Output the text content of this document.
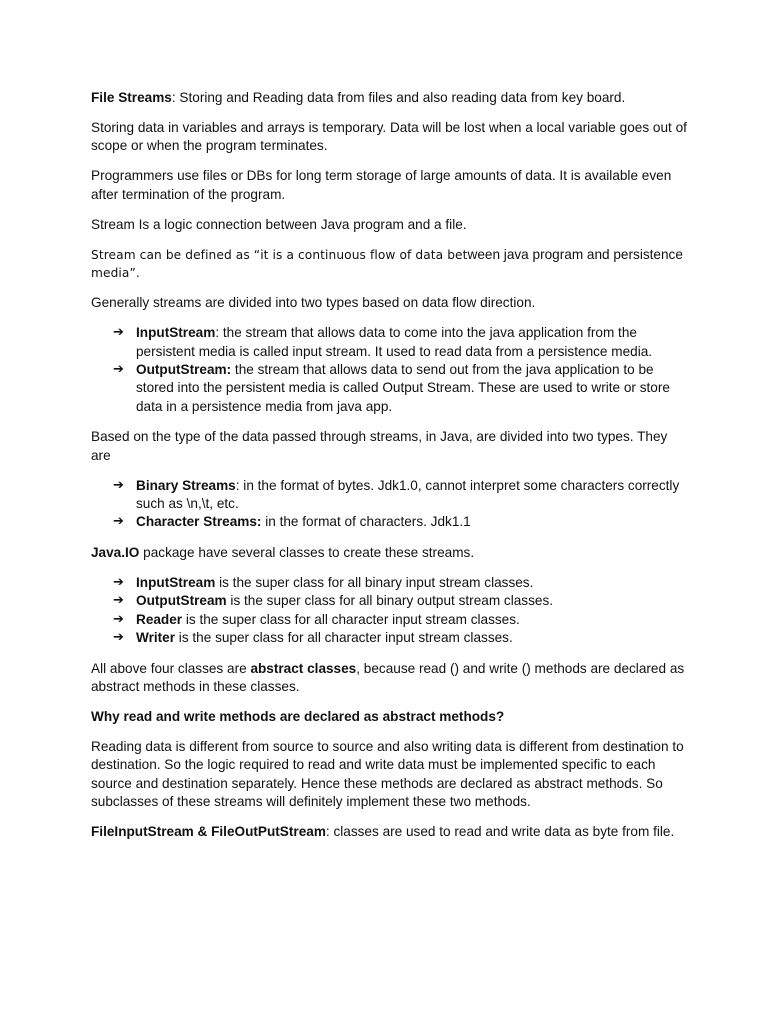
File Streams: Storing and Reading data from files and also reading data from key board.

Storing data in variables and arrays is temporary. Data will be lost when a local variable goes out of scope or when the program terminates.

Programmers use files or DBs for long term storage of large amounts of data. It is available even after termination of the program.

Stream Is a logic connection between Java program and a file.

Stream can be defined as “it is a continuous flow of data between java program and persistence media”.

Generally streams are divided into two types based on data flow direction.

➔ InputStream: the stream that allows data to come into the java application from the persistent media is called input stream. It used to read data from a persistence media.
➔ OutputStream: the stream that allows data to send out from the java application to be stored into the persistent media is called Output Stream. These are used to write or store data in a persistence media from java app.

Based on the type of the data passed through streams, in Java, are divided into two types. They are

➔ Binary Streams: in the format of bytes. Jdk1.0, cannot interpret some characters correctly such as \n,\t, etc.
➔ Character Streams: in the format of characters. Jdk1.1

Java.IO package have several classes to create these streams.

➔ InputStream is the super class for all binary input stream classes.
➔ OutputStream is the super class for all binary output stream classes.
➔ Reader is the super class for all character input stream classes.
➔ Writer is the super class for all character input stream classes.

All above four classes are abstract classes, because read () and write () methods are declared as abstract methods in these classes.

Why read and write methods are declared as abstract methods?

Reading data is different from source to source and also writing data is different from destination to destination. So the logic required to read and write data must be implemented specific to each source and destination separately. Hence these methods are declared as abstract methods. So subclasses of these streams will definitely implement these two methods.

FileInputStream & FileOutPutStream: classes are used to read and write data as byte from file.
